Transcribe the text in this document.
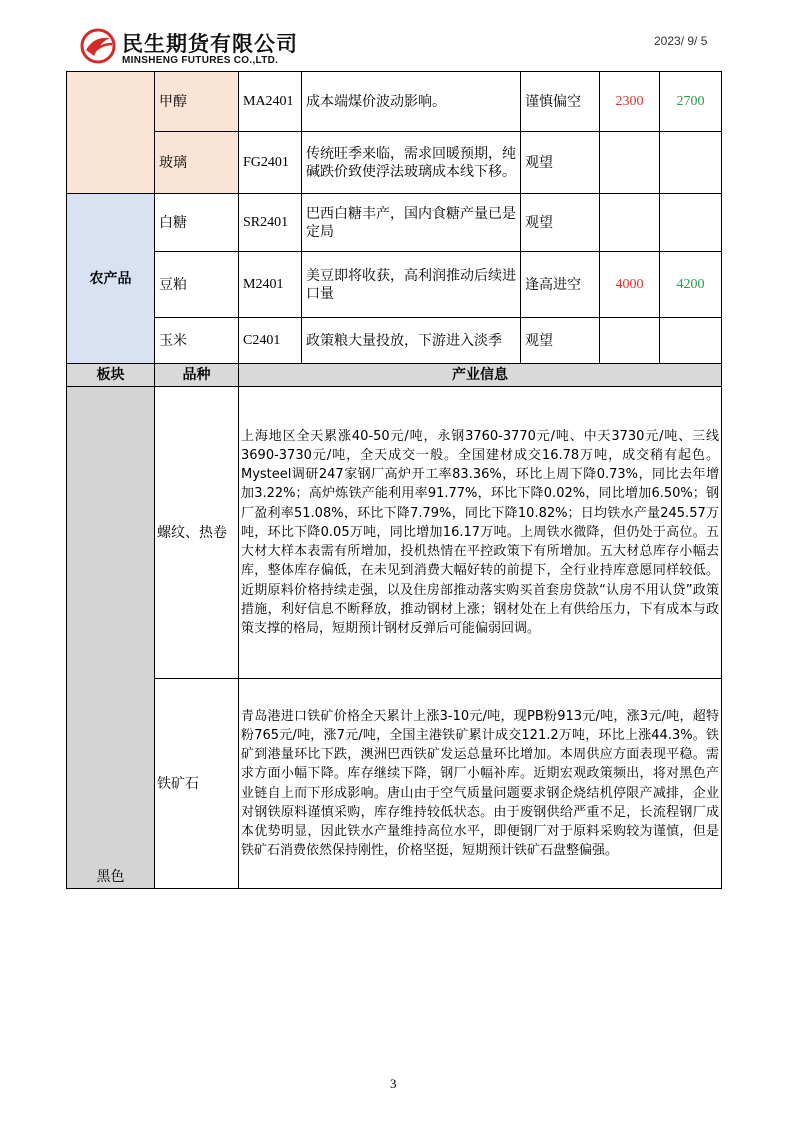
民生期货有限公司
MINSHENG FUTURES CO.,LTD.
2023/ 9/ 5
	甲醇	MA2401	成本端煤价波动影响。	谨慎偏空	2300	2700
	玻璃	FG2401	传统旺季来临，需求回暖预期，纯碱跌价致使浮法玻璃成本线下移。	观望		
农产品	白糖	SR2401	巴西白糖丰产，国内食糖产量已是定局	观望		
	豆粕	M2401	美豆即将收获，高利润推动后续进口量	逢高进空	4000	4200
	玉米	C2401	政策粮大量投放，下游进入淡季	观望		
板块	品种	产业信息				
黑色	螺纹、热卷	上海地区全天累涨40-50元/吨，永钢3760-3770元/吨、中天3730元/吨、三线3690-3730元/吨，全天成交一般。全国建材成交16.78万吨，成交稍有起色。Mysteel调研247家钢厂高炉开工率83.36%，环比上周下降0.73%，同比去年增加3.22%；高炉炼铁产能利用率91.77%，环比下降0.02%，同比增加6.50%；钢厂盈利率51.08%，环比下降7.79%，同比下降10.82%；日均铁水产量245.57万吨，环比下降0.05万吨，同比增加16.17万吨。上周铁水微降，但仍处于高位。五大材大样本表需有所增加，投机热情在平控政策下有所增加。五大材总库存小幅去库，整体库存偏低，在未见到消费大幅好转的前提下，全行业持库意愿同样较低。近期原料价格持续走强，以及住房部推动落实购买首套房贷款“认房不用认贷”政策措施，利好信息不断释放，推动钢材上涨；钢材处在上有供给压力，下有成本与政策支撑的格局，短期预计钢材反弹后可能偏弱回调。				
	铁矿石	青岛港进口铁矿价格全天累计上涨3-10元/吨，现PB粉913元/吨，涨3元/吨，超特粉765元/吨，涨7元/吨，全国主港铁矿累计成交121.2万吨，环比上涨44.3%。铁矿到港量环比下跌，澳洲巴西铁矿发运总量环比增加。本周供应方面表现平稳。需求方面小幅下降。库存继续下降，钢厂小幅补库。近期宏观政策频出，将对黑色产业链自上而下形成影响。唐山由于空气质量问题要求钢企烧结机停限产减排，企业对钢铁原料谨慎采购，库存维持较低状态。由于废钢供给严重不足，长流程钢厂成本优势明显，因此铁水产量维持高位水平，即便钢厂对于原料采购较为谨慎，但是铁矿石消费依然保持刚性，价格坚挺，短期预计铁矿石盘整偏强。				
3
